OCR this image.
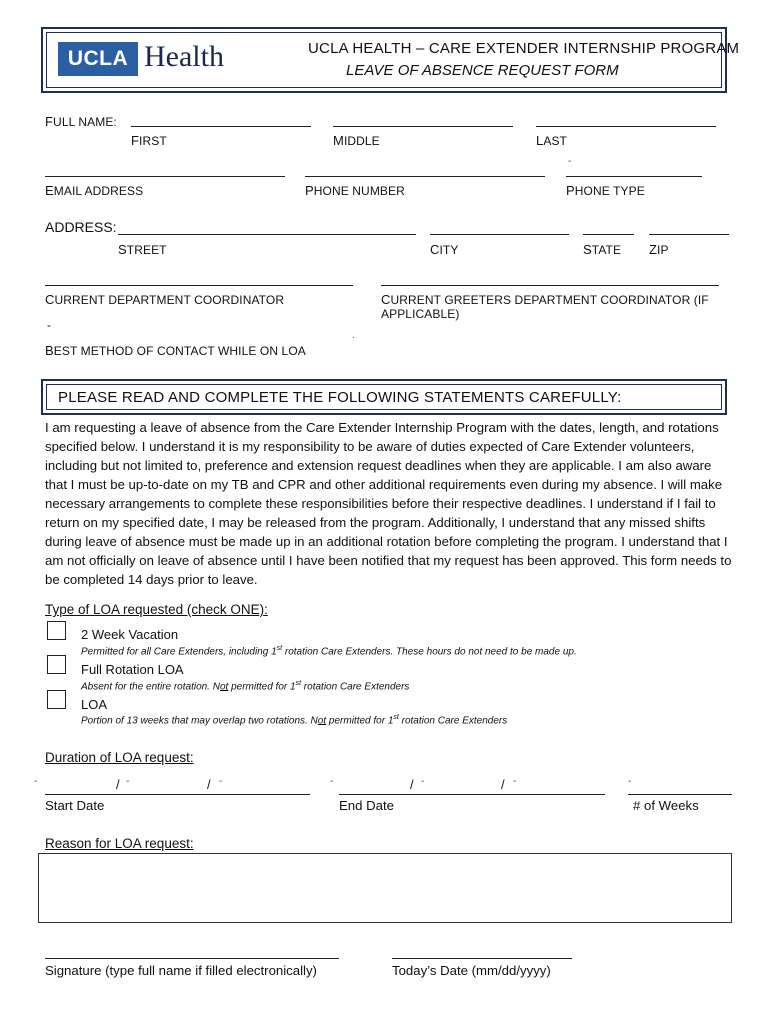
UCLA Health	UCLA HEALTH – CARE EXTENDER INTERNSHIP PROGRAM
LEAVE OF ABSENCE REQUEST FORM
FULL NAME:
FIRST	MIDDLE	LAST
-
EMAIL ADDRESS	PHONE NUMBER	PHONE TYPE
ADDRESS:
STREET	CITY	STATE ZIP
CURRENT DEPARTMENT COORDINATOR	CURRENT GREETERS DEPARTMENT COORDINATOR (IF APPLICABLE)
-
.
BEST METHOD OF CONTACT WHILE ON LOA
PLEASE READ AND COMPLETE THE FOLLOWING STATEMENTS CAREFULLY:

I am requesting a leave of absence from the Care Extender Internship Program with the dates, length, and rotations specified below. I understand it is my responsibility to be aware of duties expected of Care Extender volunteers, including but not limited to, preference and extension request deadlines when they are applicable. I am also aware that I must be up-to-date on my TB and CPR and other additional requirements even during my absence. I will make necessary arrangements to complete these responsibilities before their respective deadlines. I understand if I fail to return on my specified date, I may be released from the program. Additionally, I understand that any missed shifts during leave of absence must be made up in an additional rotation before completing the program. I understand that I am not officially on leave of absence until I have been notified that my request has been approved. This form needs to be completed 14 days prior to leave.

Type of LOA requested (check ONE):
2 Week Vacation
Permitted for all Care Extenders, including 1st rotation Care Extenders. These hours do not need to be made up.
Full Rotation LOA
Absent for the entire rotation. Not permitted for 1st rotation Care Extenders
LOA
Portion of 13 weeks that may overlap two rotations. Not permitted for 1st rotation Care Extenders
Duration of LOA request:
-	-	-
/	/
Start Date
-	-	-
/	/
End Date
-
# of Weeks
Reason for LOA request:
Signature (type full name if filled electronically)	Today’s Date (mm/dd/yyyy)
